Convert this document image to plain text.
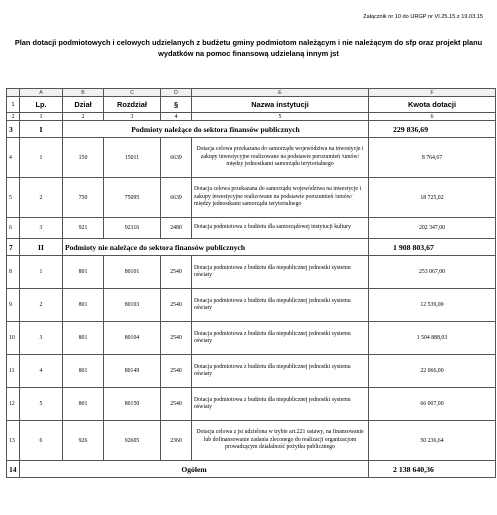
Załącznik nr 10 do URGP nr VI.25.15 z 19.03.15
Plan dotacji podmiotowych i celowych udzielanych z budżetu gminy podmiotom należącym i nie należącym do sfp oraz projekt planu
wydatków na pomoc finansową udzielaną innym jst
	A	B	C	D	E	F
1	Lp.	Dział	Rozdział	§	Nazwa instytucji	Kwota dotacji
2	1	2	3	4	5	6
3	I	Podmioty należące do sektora finansów publicznych				229 836,69
4	1	150	15011	6639	Dotacja celowa przekazana do samorządu województwa na inwestycje i zakupy inwestycyjne realizowane na podstawie porozumień /umów/ między jednostkami samorządu terytorialnego	8 764,67
5	2	750	75095	6639	Dotacja celowa przekazana do samorządu województwa na inwestycje i zakupy inwestycyjne realizowane na podstawie porozumień /umów/ między jednostkami samorządu terytorialnego	18 725,02
6	3	921	92116	2480	Dotacja podmiotowa z budżetu dla samorządowej instytucji kultury	202 347,00
7	II	Podmioty nie należące do sektora finansów publicznych				1 908 803,67
8	1	801	80101	2540	Dotacja podmiotowa z budżetu dla niepublicznej jednostki systemu oświaty	253 067,00
9	2	801	80103	2540	Dotacja podmiotowa z budżetu dla niepublicznej jednostki systemu oświaty	12 539,00
10	3	801	80104	2540	Dotacja podmiotowa z budżetu dla niepublicznej jednostki systemu oświaty	1 504 888,03
11	4	801	80149	2540	Dotacja podmiotowa z budżetu dla niepublicznej jednostki systemu oświaty	22 066,00
12	5	801	80150	2540	Dotacja podmiotowa z budżetu dla niepublicznej jednostki systemu oświaty	66 007,00
13	6	926	92605	2360	Dotacja celowa z jst udzielona w trybie art.221 ustawy, na finansowanie lub dofinansowanie zadania zleconego do realizacji organizacjom prowadzącym działalność pożytku publicznego	50 236,64
14	Ogółem					2 138 640,36
